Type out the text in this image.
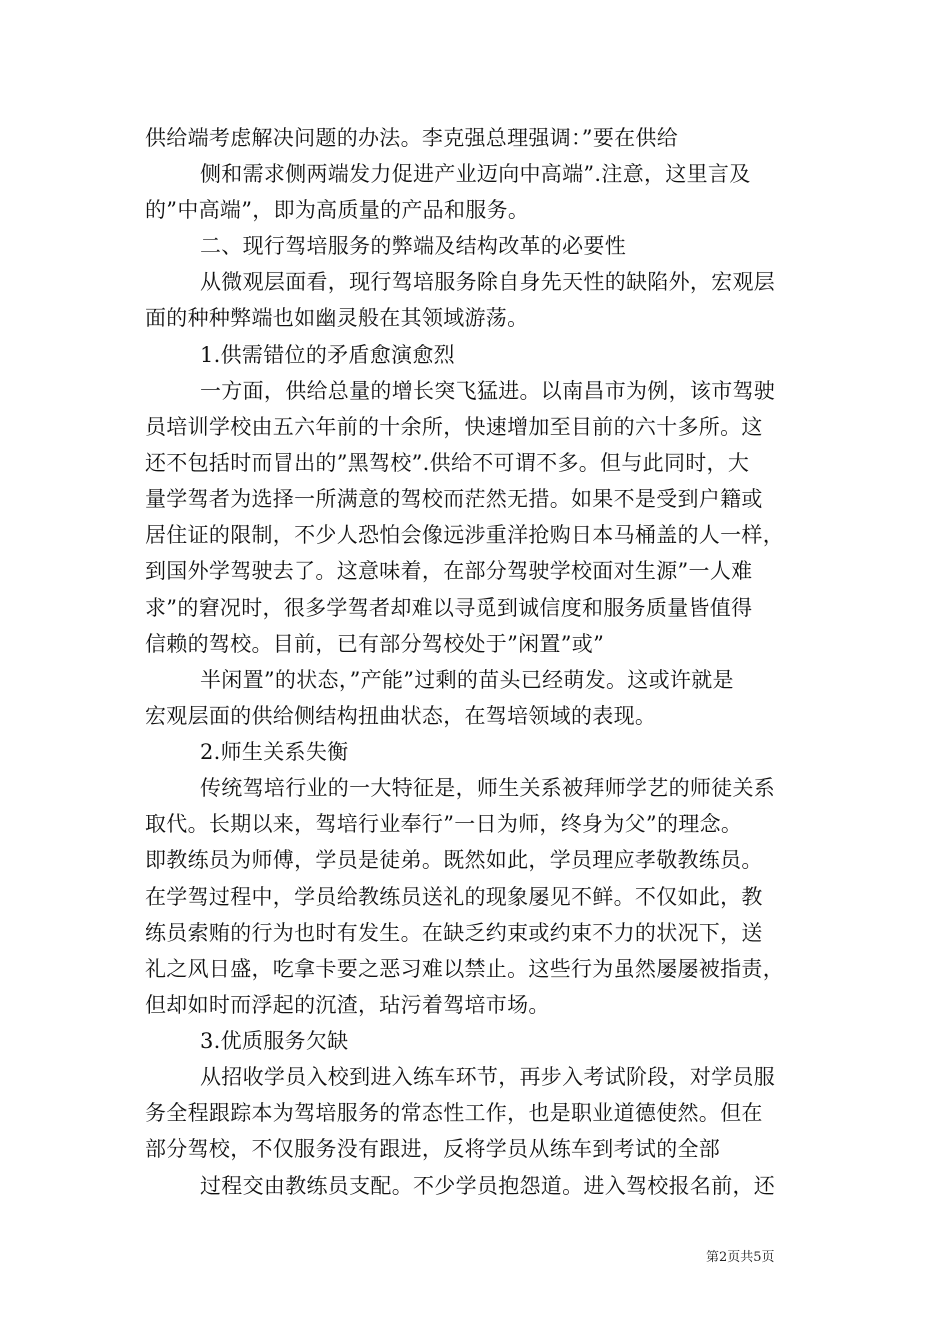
供给端考虑解决问题的办法。李克强总理强调：”要在供给
侧和需求侧两端发力促进产业迈向中高端”.注意，这里言及
的”中高端”，即为高质量的产品和服务。
二、现行驾培服务的弊端及结构改革的必要性
从微观层面看，现行驾培服务除自身先天性的缺陷外，宏观层
面的种种弊端也如幽灵般在其领域游荡。
1.供需错位的矛盾愈演愈烈
一方面，供给总量的增长突飞猛进。以南昌市为例，该市驾驶
员培训学校由五六年前的十余所，快速增加至目前的六十多所。这
还不包括时而冒出的”黑驾校”.供给不可谓不多。但与此同时，大
量学驾者为选择一所满意的驾校而茫然无措。如果不是受到户籍或
居住证的限制，不少人恐怕会像远涉重洋抢购日本马桶盖的人一样，
到国外学驾驶去了。这意味着，在部分驾驶学校面对生源”一人难
求”的窘况时，很多学驾者却难以寻觅到诚信度和服务质量皆值得
信赖的驾校。目前，已有部分驾校处于”闲置”或”
半闲置”的状态，”产能”过剩的苗头已经萌发。这或许就是
宏观层面的供给侧结构扭曲状态，在驾培领域的表现。
2.师生关系失衡
传统驾培行业的一大特征是，师生关系被拜师学艺的师徒关系
取代。长期以来，驾培行业奉行”一日为师，终身为父”的理念。
即教练员为师傅，学员是徒弟。既然如此，学员理应孝敬教练员。
在学驾过程中，学员给教练员送礼的现象屡见不鲜。不仅如此，教
练员索贿的行为也时有发生。在缺乏约束或约束不力的状况下，送
礼之风日盛，吃拿卡要之恶习难以禁止。这些行为虽然屡屡被指责，
但却如时而浮起的沉渣，玷污着驾培市场。
3.优质服务欠缺
从招收学员入校到进入练车环节，再步入考试阶段，对学员服
务全程跟踪本为驾培服务的常态性工作，也是职业道德使然。但在
部分驾校，不仅服务没有跟进，反将学员从练车到考试的全部
过程交由教练员支配。不少学员抱怨道。进入驾校报名前，还
第2页共5页
